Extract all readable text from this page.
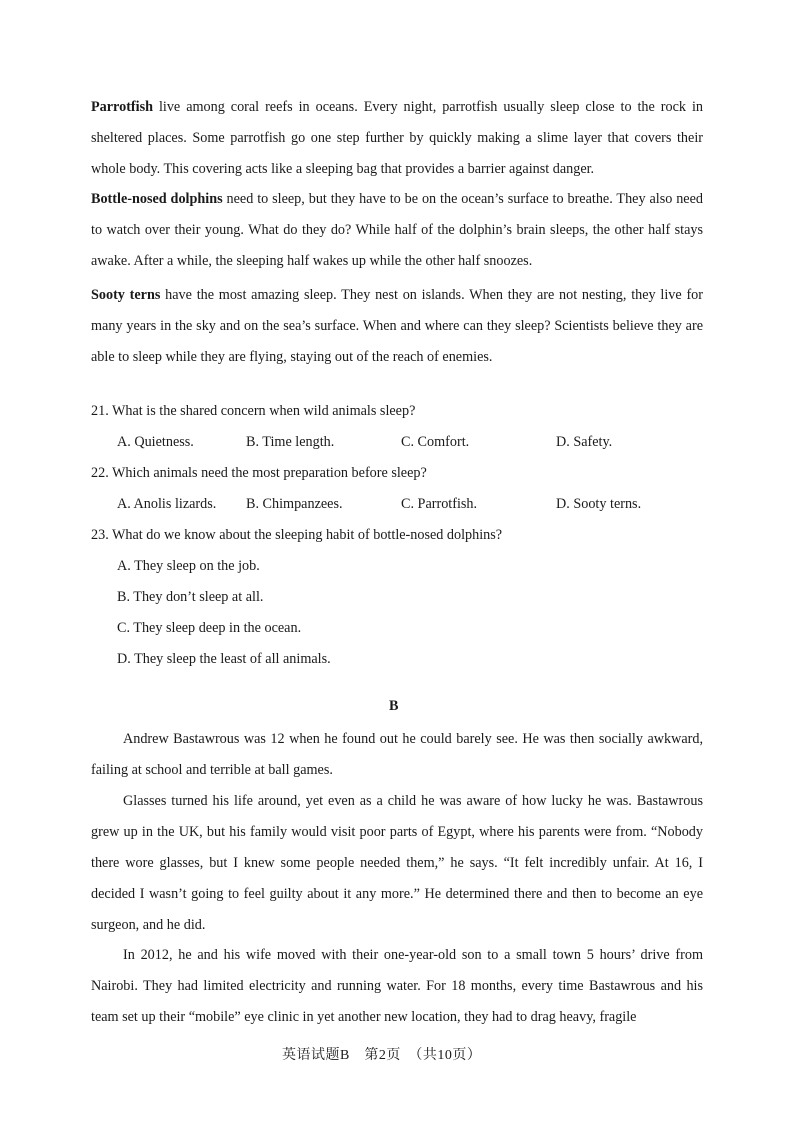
Parrotfish live among coral reefs in oceans. Every night, parrotfish usually sleep close to the rock in sheltered places. Some parrotfish go one step further by quickly making a slime layer that covers their whole body. This covering acts like a sleeping bag that provides a barrier against danger.

Bottle-nosed dolphins need to sleep, but they have to be on the ocean’s surface to breathe. They also need to watch over their young. What do they do? While half of the dolphin’s brain sleeps, the other half stays awake. After a while, the sleeping half wakes up while the other half snoozes.

Sooty terns have the most amazing sleep. They nest on islands. When they are not nesting, they live for many years in the sky and on the sea’s surface. When and where can they sleep? Scientists believe they are able to sleep while they are flying, staying out of the reach of enemies.

21. What is the shared concern when wild animals sleep?

A. Quietness.	B. Time length.	C. Comfort.	D. Safety.

22. Which animals need the most preparation before sleep?

A. Anolis lizards. B. Chimpanzees.	C. Parrotfish.	D. Sooty terns.

23. What do we know about the sleeping habit of bottle-nosed dolphins?

A. They sleep on the job.

B. They don’t sleep at all.

C. They sleep deep in the ocean.

D. They sleep the least of all animals.

B

Andrew Bastawrous was 12 when he found out he could barely see. He was then socially awkward, failing at school and terrible at ball games.

Glasses turned his life around, yet even as a child he was aware of how lucky he was. Bastawrous grew up in the UK, but his family would visit poor parts of Egypt, where his parents were from. “Nobody there wore glasses, but I knew some people needed them,” he says. “It felt incredibly unfair. At 16, I decided I wasn’t going to feel guilty about it any more.” He determined there and then to become an eye surgeon, and he did.

In 2012, he and his wife moved with their one-year-old son to a small town 5 hours’ drive from Nairobi. They had limited electricity and running water. For 18 months, every time Bastawrous and his team set up their “mobile” eye clinic in yet another new location, they had to drag heavy, fragile

英语试题B　第2页　（共10页）
